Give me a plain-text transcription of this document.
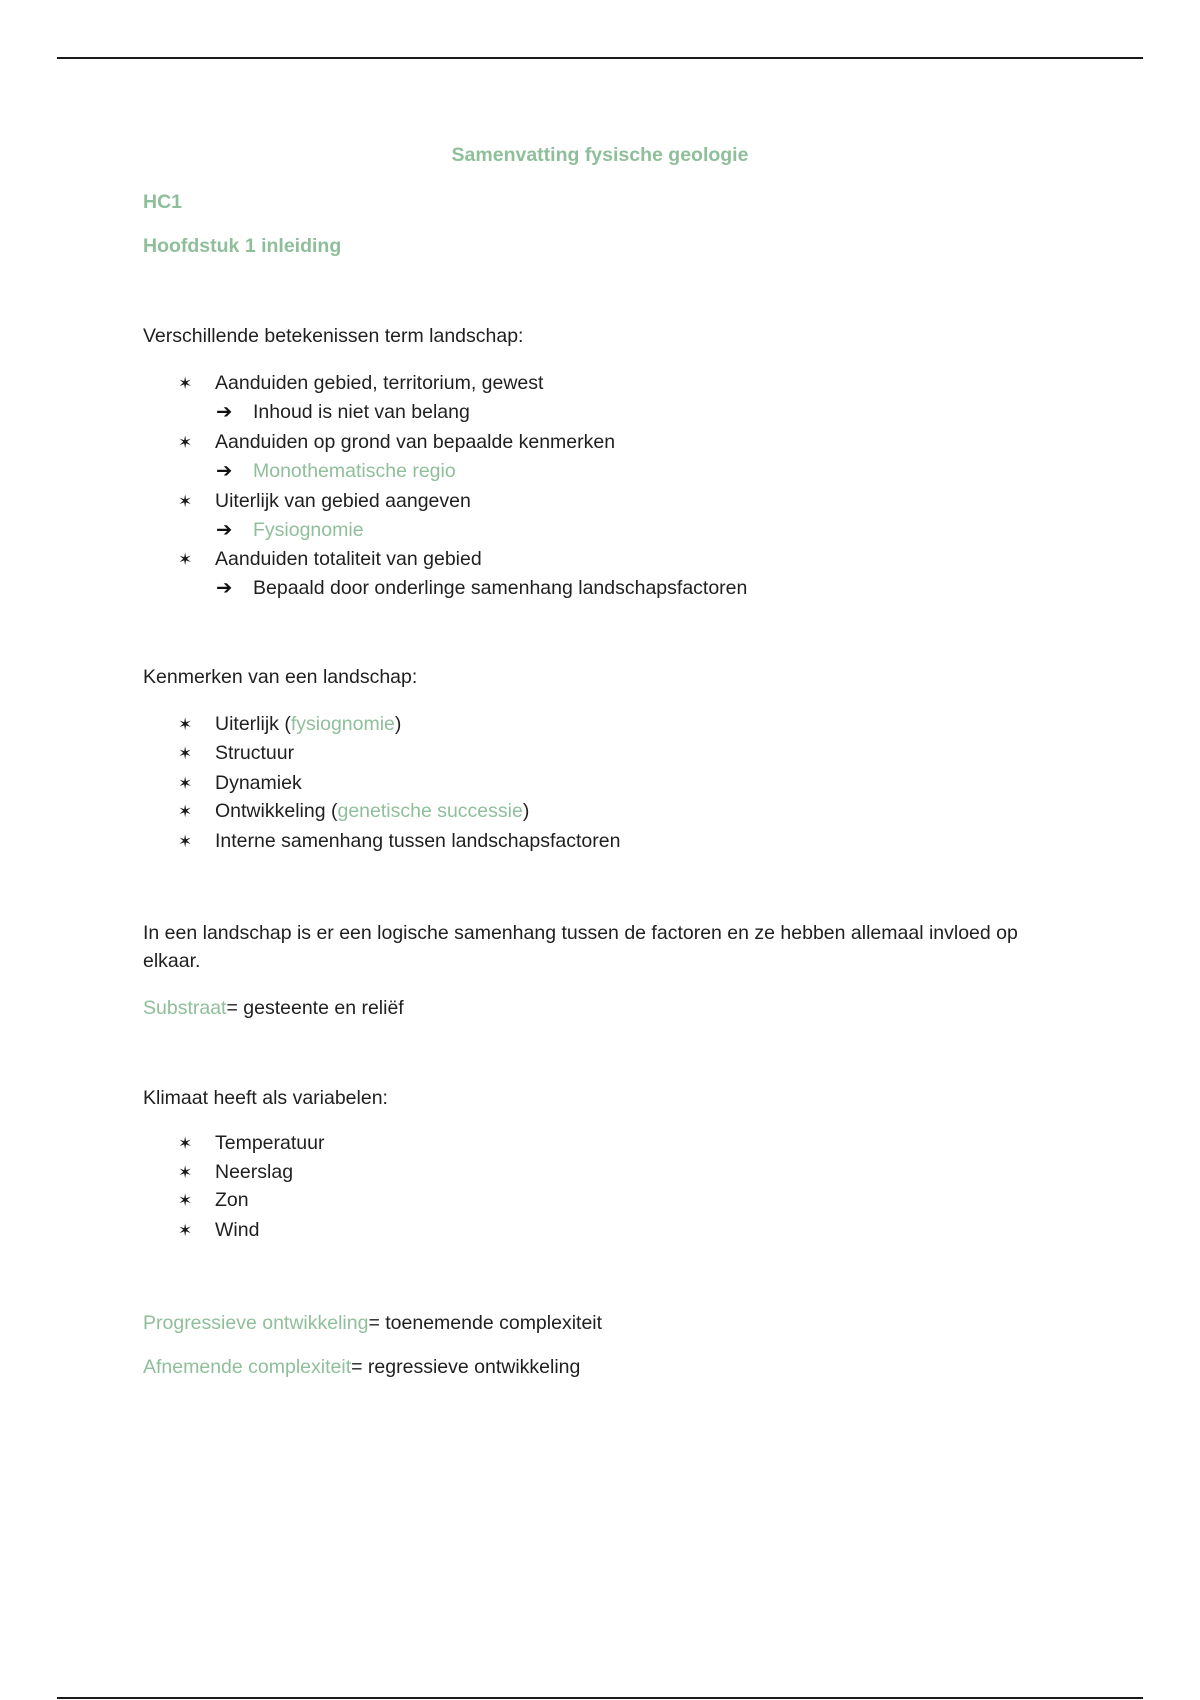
Samenvatting fysische geologie
HC1
Hoofdstuk 1 inleiding
Verschillende betekenissen term landschap:
✶ Aanduiden gebied, territorium, gewest
➔ Inhoud is niet van belang
✶ Aanduiden op grond van bepaalde kenmerken
➔ Monothematische regio
✶ Uiterlijk van gebied aangeven
➔ Fysiognomie
✶ Aanduiden totaliteit van gebied
➔ Bepaald door onderlinge samenhang landschapsfactoren
Kenmerken van een landschap:
✶ Uiterlijk (fysiognomie)
✶ Structuur
✶ Dynamiek
✶ Ontwikkeling (genetische successie)
✶ Interne samenhang tussen landschapsfactoren
In een landschap is er een logische samenhang tussen de factoren en ze hebben allemaal invloed op elkaar.
Substraat= gesteente en reliëf
Klimaat heeft als variabelen:
✶ Temperatuur
✶ Neerslag
✶ Zon
✶ Wind
Progressieve ontwikkeling= toenemende complexiteit
Afnemende complexiteit= regressieve ontwikkeling
